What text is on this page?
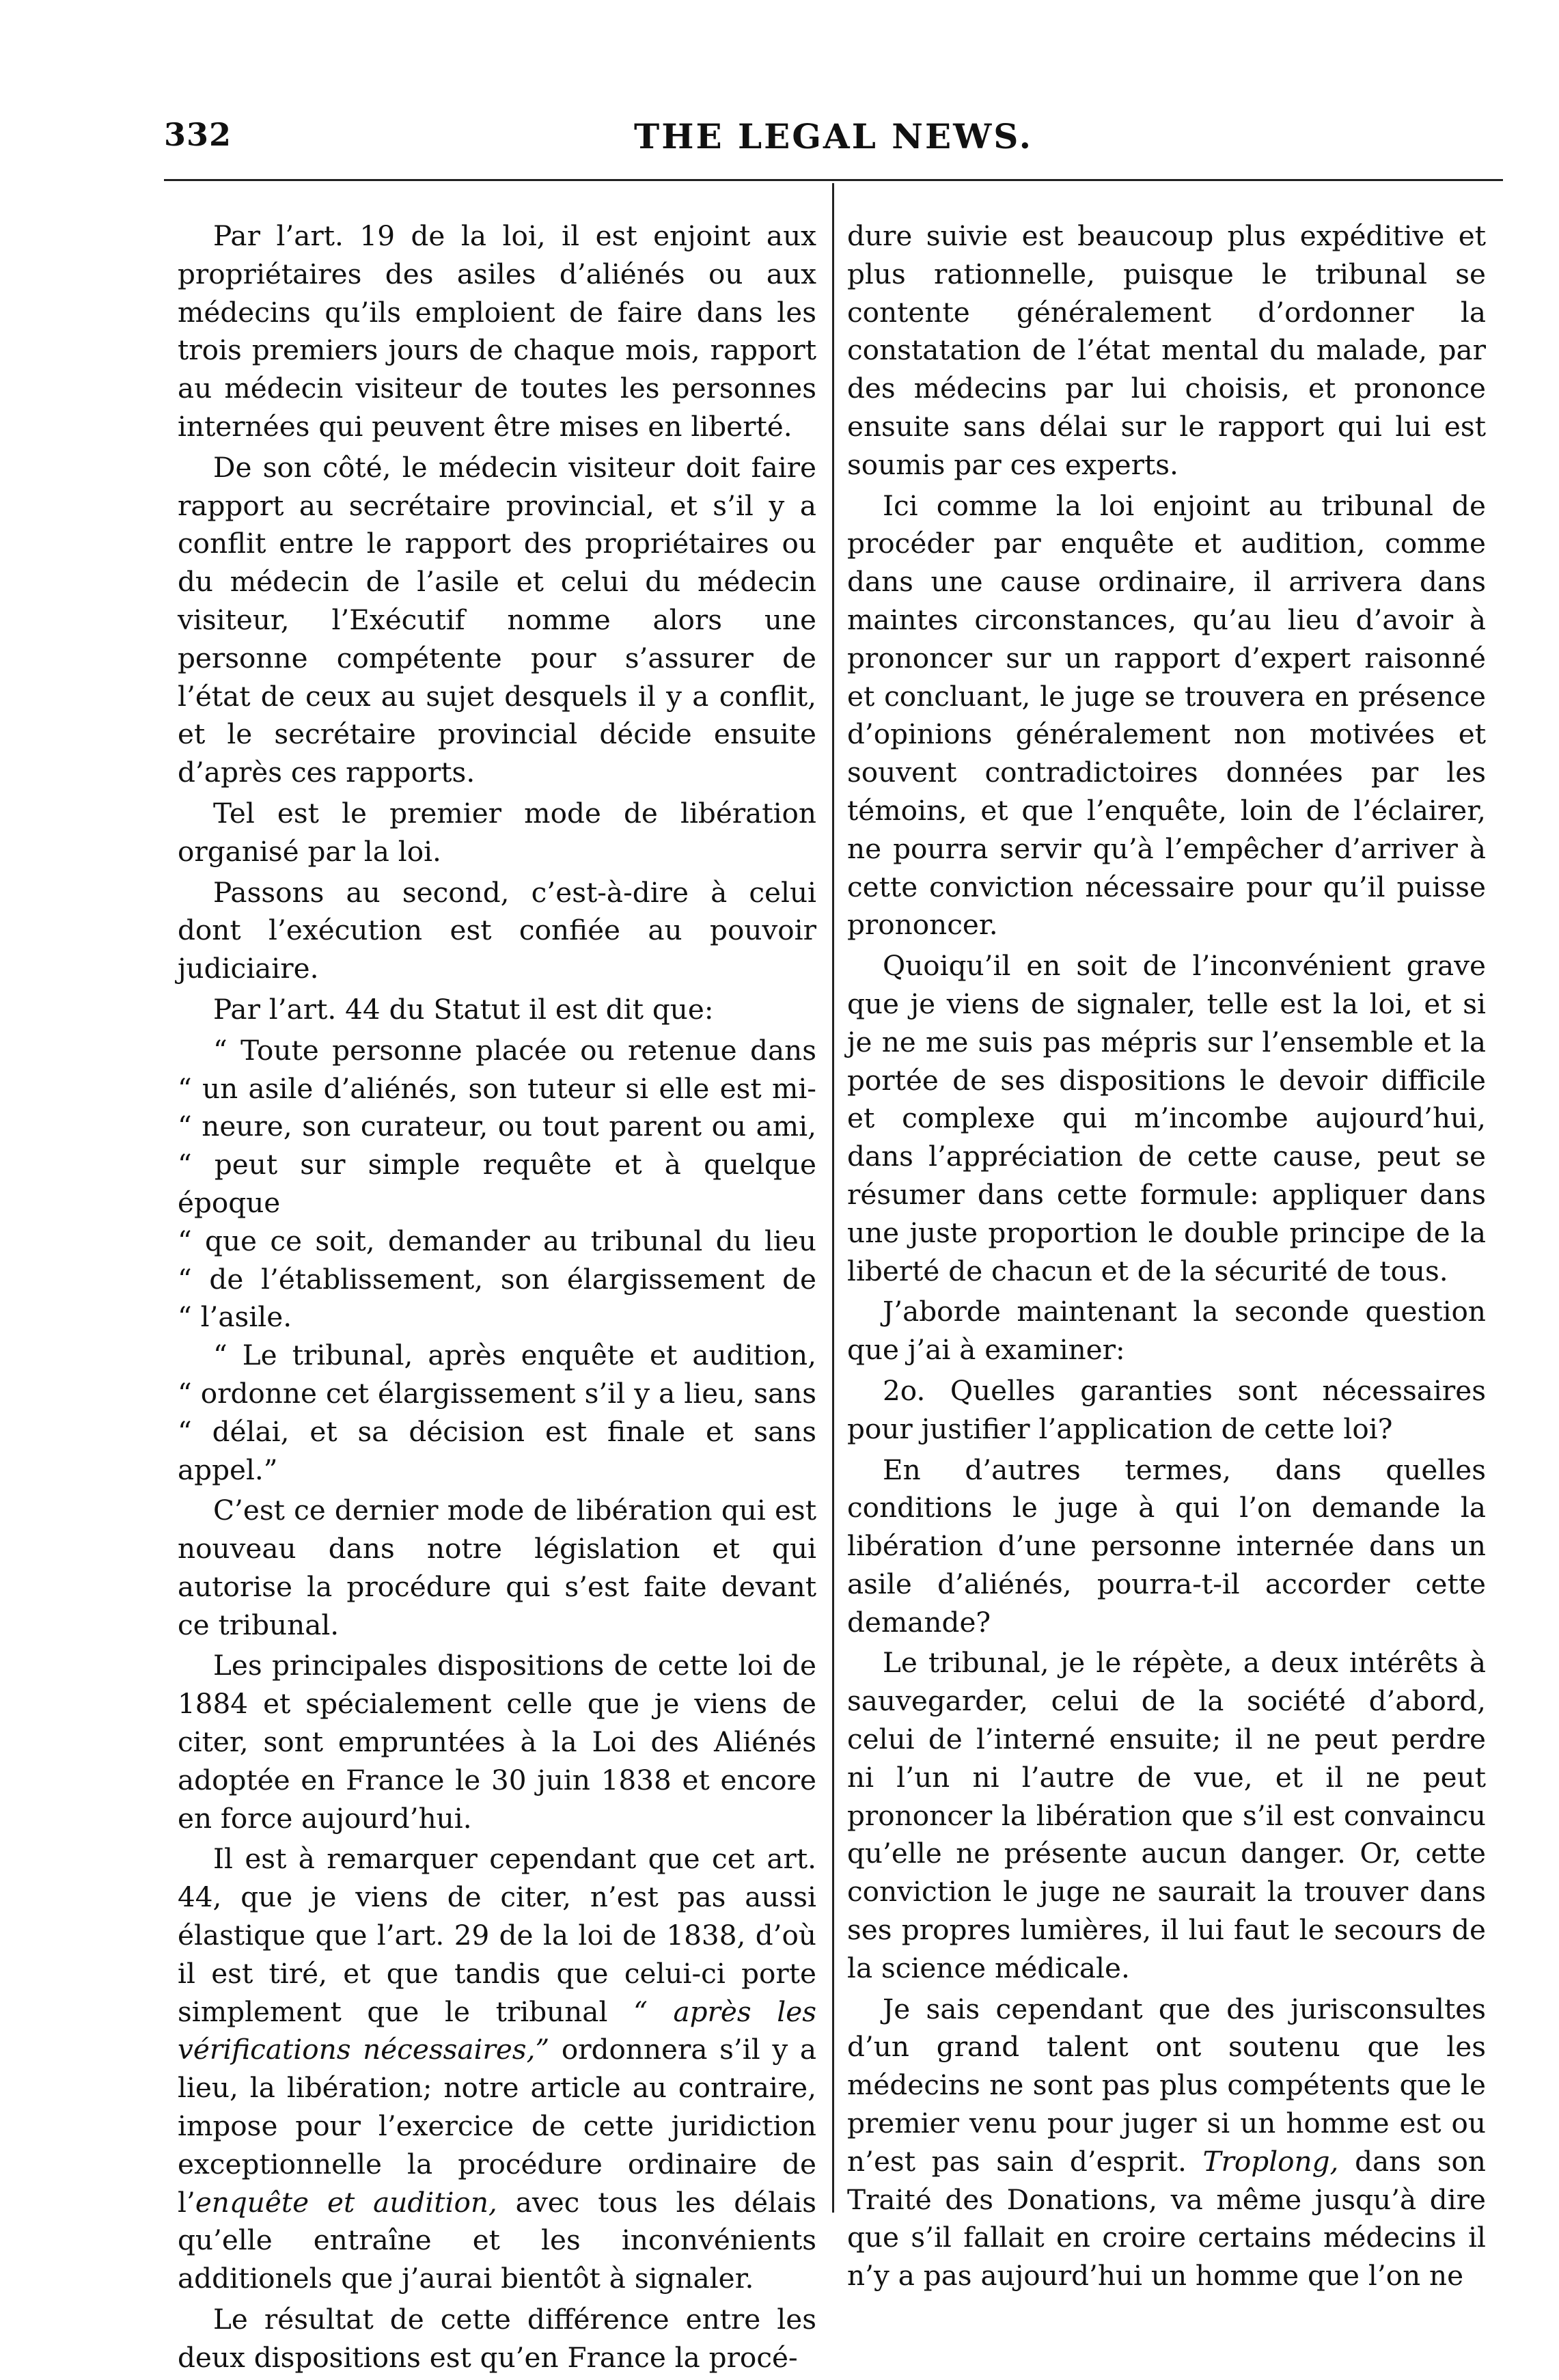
332	THE LEGAL NEWS.

Par l’art. 19 de la loi, il est enjoint aux propriétaires des asiles d’aliénés ou aux médecins qu’ils emploient de faire dans les trois premiers jours de chaque mois, rapport au médecin visiteur de toutes les personnes internées qui peuvent être mises en liberté.

De son côté, le médecin visiteur doit faire rapport au secrétaire provincial, et s’il y a conflit entre le rapport des propriétaires ou du médecin de l’asile et celui du médecin visiteur, l’Exécutif nomme alors une personne compétente pour s’assurer de l’état de ceux au sujet desquels il y a conflit, et le secrétaire provincial décide ensuite d’après ces rapports.

Tel est le premier mode de libération organisé par la loi.

Passons au second, c’est-à-dire à celui dont l’exécution est confiée au pouvoir judiciaire.

Par l’art. 44 du Statut il est dit que:

“ Toute personne placée ou retenue dans
“ un asile d’aliénés, son tuteur si elle est mi-
“ neure, son curateur, ou tout parent ou ami,
“ peut sur simple requête et à quelque époque
“ que ce soit, demander au tribunal du lieu
“ de l’établissement, son élargissement de
“ l’asile.
“ Le tribunal, après enquête et audition,
“ ordonne cet élargissement s’il y a lieu, sans
“ délai, et sa décision est finale et sans appel.”

C’est ce dernier mode de libération qui est nouveau dans notre législation et qui autorise la procédure qui s’est faite devant ce tribunal.

Les principales dispositions de cette loi de 1884 et spécialement celle que je viens de citer, sont empruntées à la Loi des Aliénés adoptée en France le 30 juin 1838 et encore en force aujourd’hui.

Il est à remarquer cependant que cet art. 44, que je viens de citer, n’est pas aussi élastique que l’art. 29 de la loi de 1838, d’où il est tiré, et que tandis que celui-ci porte simplement que le tribunal “ après les vérifications nécessaires,” ordonnera s’il y a lieu, la libération; notre article au contraire, impose pour l’exercice de cette juridiction exceptionnelle la procédure ordinaire de l’enquête et audition, avec tous les délais qu’elle entraîne et les inconvénients additionels que j’aurai bientôt à signaler.

Le résultat de cette différence entre les deux dispositions est qu’en France la procé-

dure suivie est beaucoup plus expéditive et plus rationnelle, puisque le tribunal se contente généralement d’ordonner la constatation de l’état mental du malade, par des médecins par lui choisis, et prononce ensuite sans délai sur le rapport qui lui est soumis par ces experts.

Ici comme la loi enjoint au tribunal de procéder par enquête et audition, comme dans une cause ordinaire, il arrivera dans maintes circonstances, qu’au lieu d’avoir à prononcer sur un rapport d’expert raisonné et concluant, le juge se trouvera en présence d’opinions généralement non motivées et souvent contradictoires données par les témoins, et que l’enquête, loin de l’éclairer, ne pourra servir qu’à l’empêcher d’arriver à cette conviction nécessaire pour qu’il puisse prononcer.

Quoiqu’il en soit de l’inconvénient grave que je viens de signaler, telle est la loi, et si je ne me suis pas mépris sur l’ensemble et la portée de ses dispositions le devoir difficile et complexe qui m’incombe aujourd’hui, dans l’appréciation de cette cause, peut se résumer dans cette formule: appliquer dans une juste proportion le double principe de la liberté de chacun et de la sécurité de tous.

J’aborde maintenant la seconde question que j’ai à examiner:

2o. Quelles garanties sont nécessaires pour justifier l’application de cette loi?

En d’autres termes, dans quelles conditions le juge à qui l’on demande la libération d’une personne internée dans un asile d’aliénés, pourra-t-il accorder cette demande?

Le tribunal, je le répète, a deux intérêts à sauvegarder, celui de la société d’abord, celui de l’interné ensuite; il ne peut perdre ni l’un ni l’autre de vue, et il ne peut prononcer la libération que s’il est convaincu qu’elle ne présente aucun danger. Or, cette conviction le juge ne saurait la trouver dans ses propres lumières, il lui faut le secours de la science médicale.

Je sais cependant que des jurisconsultes d’un grand talent ont soutenu que les médecins ne sont pas plus compétents que le premier venu pour juger si un homme est ou n’est pas sain d’esprit. Troplong, dans son Traité des Donations, va même jusqu’à dire que s’il fallait en croire certains médecins il n’y a pas aujourd’hui un homme que l’on ne
